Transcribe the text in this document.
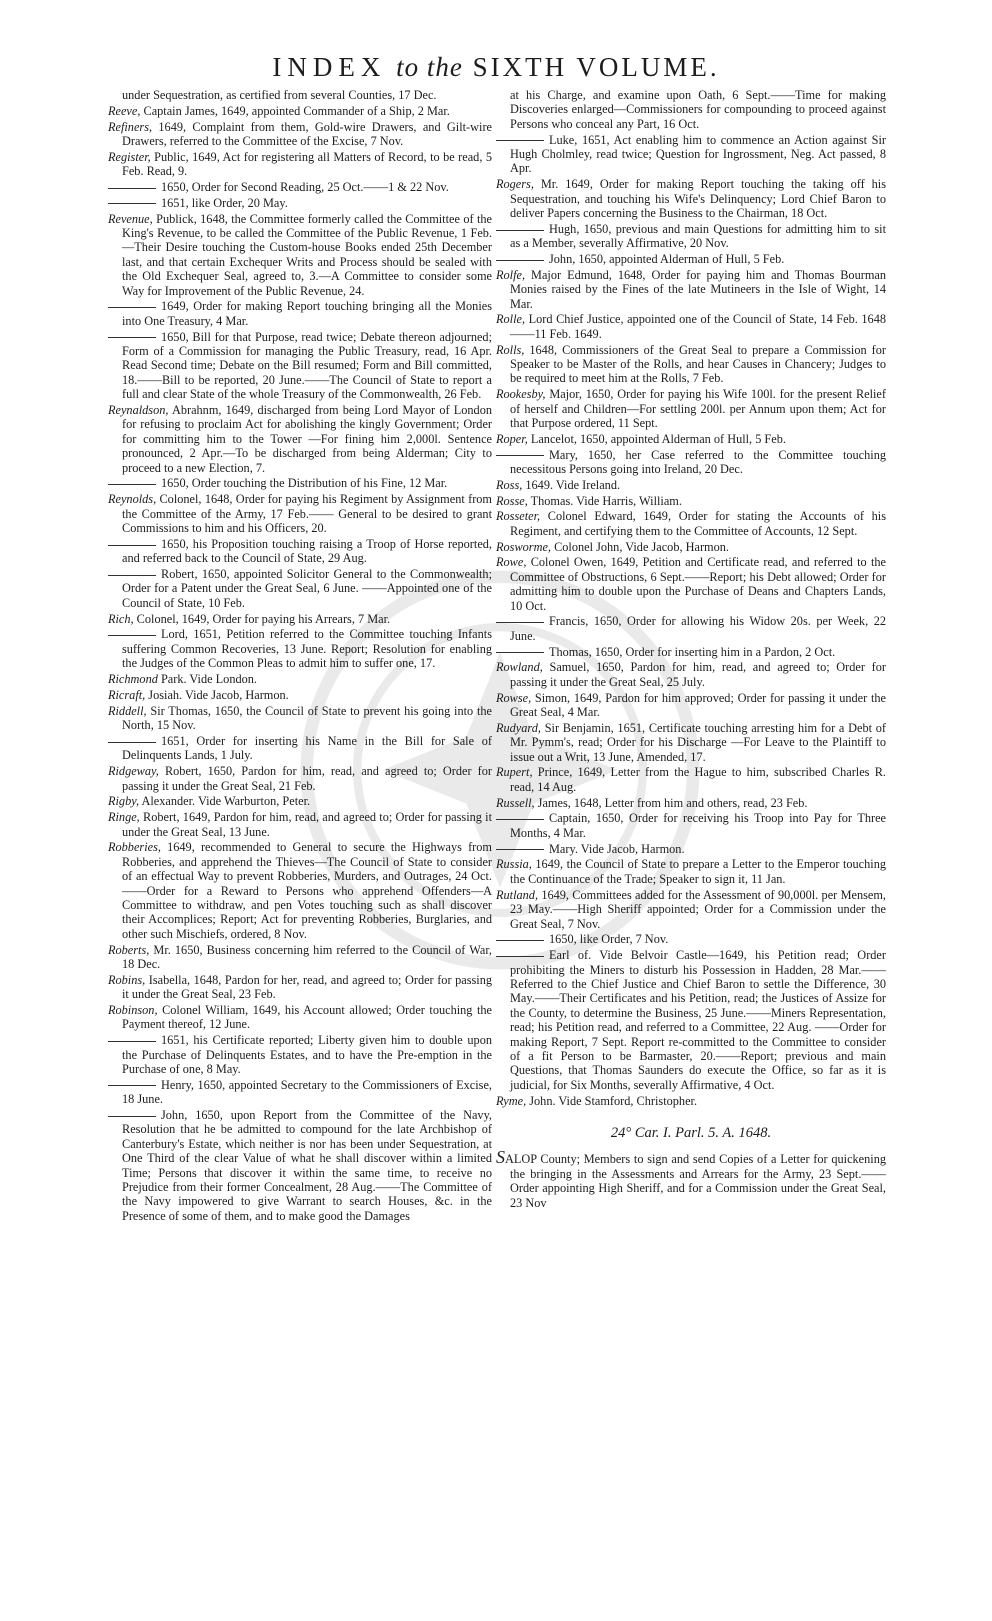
INDEX to the SIXTH VOLUME.
under Sequestration, as certified from several Counties, 17 Dec.
Reeve, Captain James, 1649, appointed Commander of a Ship, 2 Mar.
Refiners, 1649, Complaint from them, Gold-wire Drawers, and Gilt-wire Drawers, referred to the Committee of the Excise, 7 Nov.
Register, Public, 1649, Act for registering all Matters of Record, to be read, 5 Feb. Read, 9.
1650, Order for Second Reading, 25 Oct.——1 & 22 Nov.
1651, like Order, 20 May.
Revenue, Publick, 1648, the Committee formerly called the Committee of the King's Revenue, to be called the Committee of the Public Revenue, 1 Feb.—Their Desire touching the Custom-house Books ended 25th December last, and that certain Exchequer Writs and Process should be sealed with the Old Exchequer Seal, agreed to, 3.—A Committee to consider some Way for Improvement of the Public Revenue, 24.
1649, Order for making Report touching bringing all the Monies into One Treasury, 4 Mar.
1650, Bill for that Purpose, read twice; Debate thereon adjourned; Form of a Commission for managing the Public Treasury, read, 16 Apr. Read Second time; Debate on the Bill resumed; Form and Bill committed, 18.——Bill to be reported, 20 June.——The Council of State to report a full and clear State of the whole Treasury of the Commonwealth, 26 Feb.
Reynaldson, Abrahnm, 1649, discharged from being Lord Mayor of London for refusing to proclaim Act for abolishing the kingly Government; Order for committing him to the Tower —For fining him 2,000l. Sentence pronounced, 2 Apr.—To be discharged from being Alderman; City to proceed to a new Election, 7.
1650, Order touching the Distribution of his Fine, 12 Mar.
Reynolds, Colonel, 1648, Order for paying his Regiment by Assignment from the Committee of the Army, 17 Feb.—— General to be desired to grant Commissions to him and his Officers, 20.
1650, his Proposition touching raising a Troop of Horse reported, and referred back to the Council of State, 29 Aug.
Robert, 1650, appointed Solicitor General to the Commonwealth; Order for a Patent under the Great Seal, 6 June. ——Appointed one of the Council of State, 10 Feb.
Rich, Colonel, 1649, Order for paying his Arrears, 7 Mar.
Lord, 1651, Petition referred to the Committee touching Infants suffering Common Recoveries, 13 June. Report; Resolution for enabling the Judges of the Common Pleas to admit him to suffer one, 17.
Richmond Park. Vide London.
Ricraft, Josiah. Vide Jacob, Harmon.
Riddell, Sir Thomas, 1650, the Council of State to prevent his going into the North, 15 Nov.
1651, Order for inserting his Name in the Bill for Sale of Delinquents Lands, 1 July.
Ridgeway, Robert, 1650, Pardon for him, read, and agreed to; Order for passing it under the Great Seal, 21 Feb.
Rigby, Alexander. Vide Warburton, Peter.
Ringe, Robert, 1649, Pardon for him, read, and agreed to; Order for passing it under the Great Seal, 13 June.
Robberies, 1649, recommended to General to secure the Highways from Robberies, and apprehend the Thieves—The Council of State to consider of an effectual Way to prevent Robberies, Murders, and Outrages, 24 Oct.——Order for a Reward to Persons who apprehend Offenders—A Committee to withdraw, and pen Votes touching such as shall discover their Accomplices; Report; Act for preventing Robberies, Burglaries, and other such Mischiefs, ordered, 8 Nov.
Roberts, Mr. 1650, Business concerning him referred to the Council of War, 18 Dec.
Robins, Isabella, 1648, Pardon for her, read, and agreed to; Order for passing it under the Great Seal, 23 Feb.
Robinson, Colonel William, 1649, his Account allowed; Order touching the Payment thereof, 12 June.
1651, his Certificate reported; Liberty given him to double upon the Purchase of Delinquents Estates, and to have the Pre-emption in the Purchase of one, 8 May.
Henry, 1650, appointed Secretary to the Commissioners of Excise, 18 June.
John, 1650, upon Report from the Committee of the Navy, Resolution that he be admitted to compound for the late Archbishop of Canterbury's Estate, which neither is nor has been under Sequestration, at One Third of the clear Value of what he shall discover within a limited Time; Persons that discover it within the same time, to receive no Prejudice from their former Concealment, 28 Aug.——The Committee of the Navy impowered to give Warrant to search Houses, &c. in the Presence of some of them, and to make good the Damages
at his Charge, and examine upon Oath, 6 Sept.——Time for making Discoveries enlarged—Commissioners for compounding to proceed against Persons who conceal any Part, 16 Oct.
Luke, 1651, Act enabling him to commence an Action against Sir Hugh Cholmley, read twice; Question for Ingrossment, Neg. Act passed, 8 Apr.
Rogers, Mr. 1649, Order for making Report touching the taking off his Sequestration, and touching his Wife's Delinquency; Lord Chief Baron to deliver Papers concerning the Business to the Chairman, 18 Oct.
Hugh, 1650, previous and main Questions for admitting him to sit as a Member, severally Affirmative, 20 Nov.
John, 1650, appointed Alderman of Hull, 5 Feb.
Rolfe, Major Edmund, 1648, Order for paying him and Thomas Bourman Monies raised by the Fines of the late Mutineers in the Isle of Wight, 14 Mar.
Rolle, Lord Chief Justice, appointed one of the Council of State, 14 Feb. 1648——11 Feb. 1649.
Rolls, 1648, Commissioners of the Great Seal to prepare a Commission for Speaker to be Master of the Rolls, and hear Causes in Chancery; Judges to be required to meet him at the Rolls, 7 Feb.
Rookesby, Major, 1650, Order for paying his Wife 100l. for the present Relief of herself and Children—For settling 200l. per Annum upon them; Act for that Purpose ordered, 11 Sept.
Roper, Lancelot, 1650, appointed Alderman of Hull, 5 Feb.
Mary, 1650, her Case referred to the Committee touching necessitous Persons going into Ireland, 20 Dec.
Ross, 1649. Vide Ireland.
Rosse, Thomas. Vide Harris, William.
Rosseter, Colonel Edward, 1649, Order for stating the Accounts of his Regiment, and certifying them to the Committee of Accounts, 12 Sept.
Rosworme, Colonel John, Vide Jacob, Harmon.
Rowe, Colonel Owen, 1649, Petition and Certificate read, and referred to the Committee of Obstructions, 6 Sept.——Report; his Debt allowed; Order for admitting him to double upon the Purchase of Deans and Chapters Lands, 10 Oct.
Francis, 1650, Order for allowing his Widow 20s. per Week, 22 June.
Thomas, 1650, Order for inserting him in a Pardon, 2 Oct.
Rowland, Samuel, 1650, Pardon for him, read, and agreed to; Order for passing it under the Great Seal, 25 July.
Rowse, Simon, 1649, Pardon for him approved; Order for passing it under the Great Seal, 4 Mar.
Rudyard, Sir Benjamin, 1651, Certificate touching arresting him for a Debt of Mr. Pymm's, read; Order for his Discharge —For Leave to the Plaintiff to issue out a Writ, 13 June, Amended, 17.
Rupert, Prince, 1649, Letter from the Hague to him, subscribed Charles R. read, 14 Aug.
Russell, James, 1648, Letter from him and others, read, 23 Feb.
Captain, 1650, Order for receiving his Troop into Pay for Three Months, 4 Mar.
Mary. Vide Jacob, Harmon.
Russia, 1649, the Council of State to prepare a Letter to the Emperor touching the Continuance of the Trade; Speaker to sign it, 11 Jan.
Rutland, 1649, Committees added for the Assessment of 90,000l. per Mensem, 23 May.——High Sheriff appointed; Order for a Commission under the Great Seal, 7 Nov.
1650, like Order, 7 Nov.
Earl of. Vide Belvoir Castle—1649, his Petition read; Order prohibiting the Miners to disturb his Possession in Hadden, 28 Mar.——Referred to the Chief Justice and Chief Baron to settle the Difference, 30 May.——Their Certificates and his Petition, read; the Justices of Assize for the County, to determine the Business, 25 June.——Miners Representation, read; his Petition read, and referred to a Committee, 22 Aug. ——Order for making Report, 7 Sept. Report re-committed to the Committee to consider of a fit Person to be Barmaster, 20.——Report; previous and main Questions, that Thomas Saunders do execute the Office, so far as it is judicial, for Six Months, severally Affirmative, 4 Oct.
Ryme, John. Vide Stamford, Christopher.
24° Car. I. Parl. 5. A. 1648.
SALOP County; Members to sign and send Copies of a Letter for quickening the bringing in the Assessments and Arrears for the Army, 23 Sept.——Order appointing High Sheriff, and for a Commission under the Great Seal, 23 Nov
